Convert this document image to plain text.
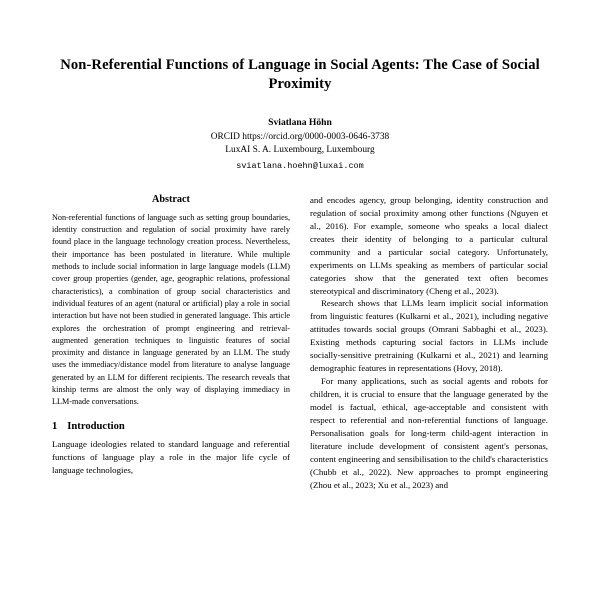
Non-Referential Functions of Language in Social Agents: The Case of Social Proximity
Sviatlana Höhn
ORCID https://orcid.org/0000-0003-0646-3738
LuxAI S. A. Luxembourg, Luxembourg
sviatlana.hoehn@luxai.com
Abstract

Non-referential functions of language such as setting group boundaries, identity construction and regulation of social proximity have rarely found place in the language technology creation process. Nevertheless, their importance has been postulated in literature. While multiple methods to include social information in large language models (LLM) cover group properties (gender, age, geographic relations, professional characteristics), a combination of group social characteristics and individual features of an agent (natural or artificial) play a role in social interaction but have not been studied in generated language. This article explores the orchestration of prompt engineering and retrieval-augmented generation techniques to linguistic features of social proximity and distance in language generated by an LLM. The study uses the immediacy/distance model from literature to analyse language generated by an LLM for different recipients. The research reveals that kinship terms are almost the only way of displaying immediacy in LLM-made conversations.

1 Introduction

Language ideologies related to standard language and referential functions of language play a role in the major life cycle of language technologies,

and encodes agency, group belonging, identity construction and regulation of social proximity among other functions (Nguyen et al., 2016). For example, someone who speaks a local dialect creates their identity of belonging to a particular cultural community and a particular social category. Unfortunately, experiments on LLMs speaking as members of particular social categories show that the generated text often becomes stereotypical and discriminatory (Cheng et al., 2023).

Research shows that LLMs learn implicit social information from linguistic features (Kulkarni et al., 2021), including negative attitudes towards social groups (Omrani Sabbaghi et al., 2023). Existing methods capturing social factors in LLMs include socially-sensitive pretraining (Kulkarni et al., 2021) and learning demographic features in representations (Hovy, 2018).

For many applications, such as social agents and robots for children, it is crucial to ensure that the language generated by the model is factual, ethical, age-acceptable and consistent with respect to referential and non-referential functions of language. Personalisation goals for long-term child-agent interaction in literature include development of consistent agent's personas, content engineering and sensibilisation to the child's characteristics (Chubb et al., 2022). New approaches to prompt engineering (Zhou et al., 2023; Xu et al., 2023) and
